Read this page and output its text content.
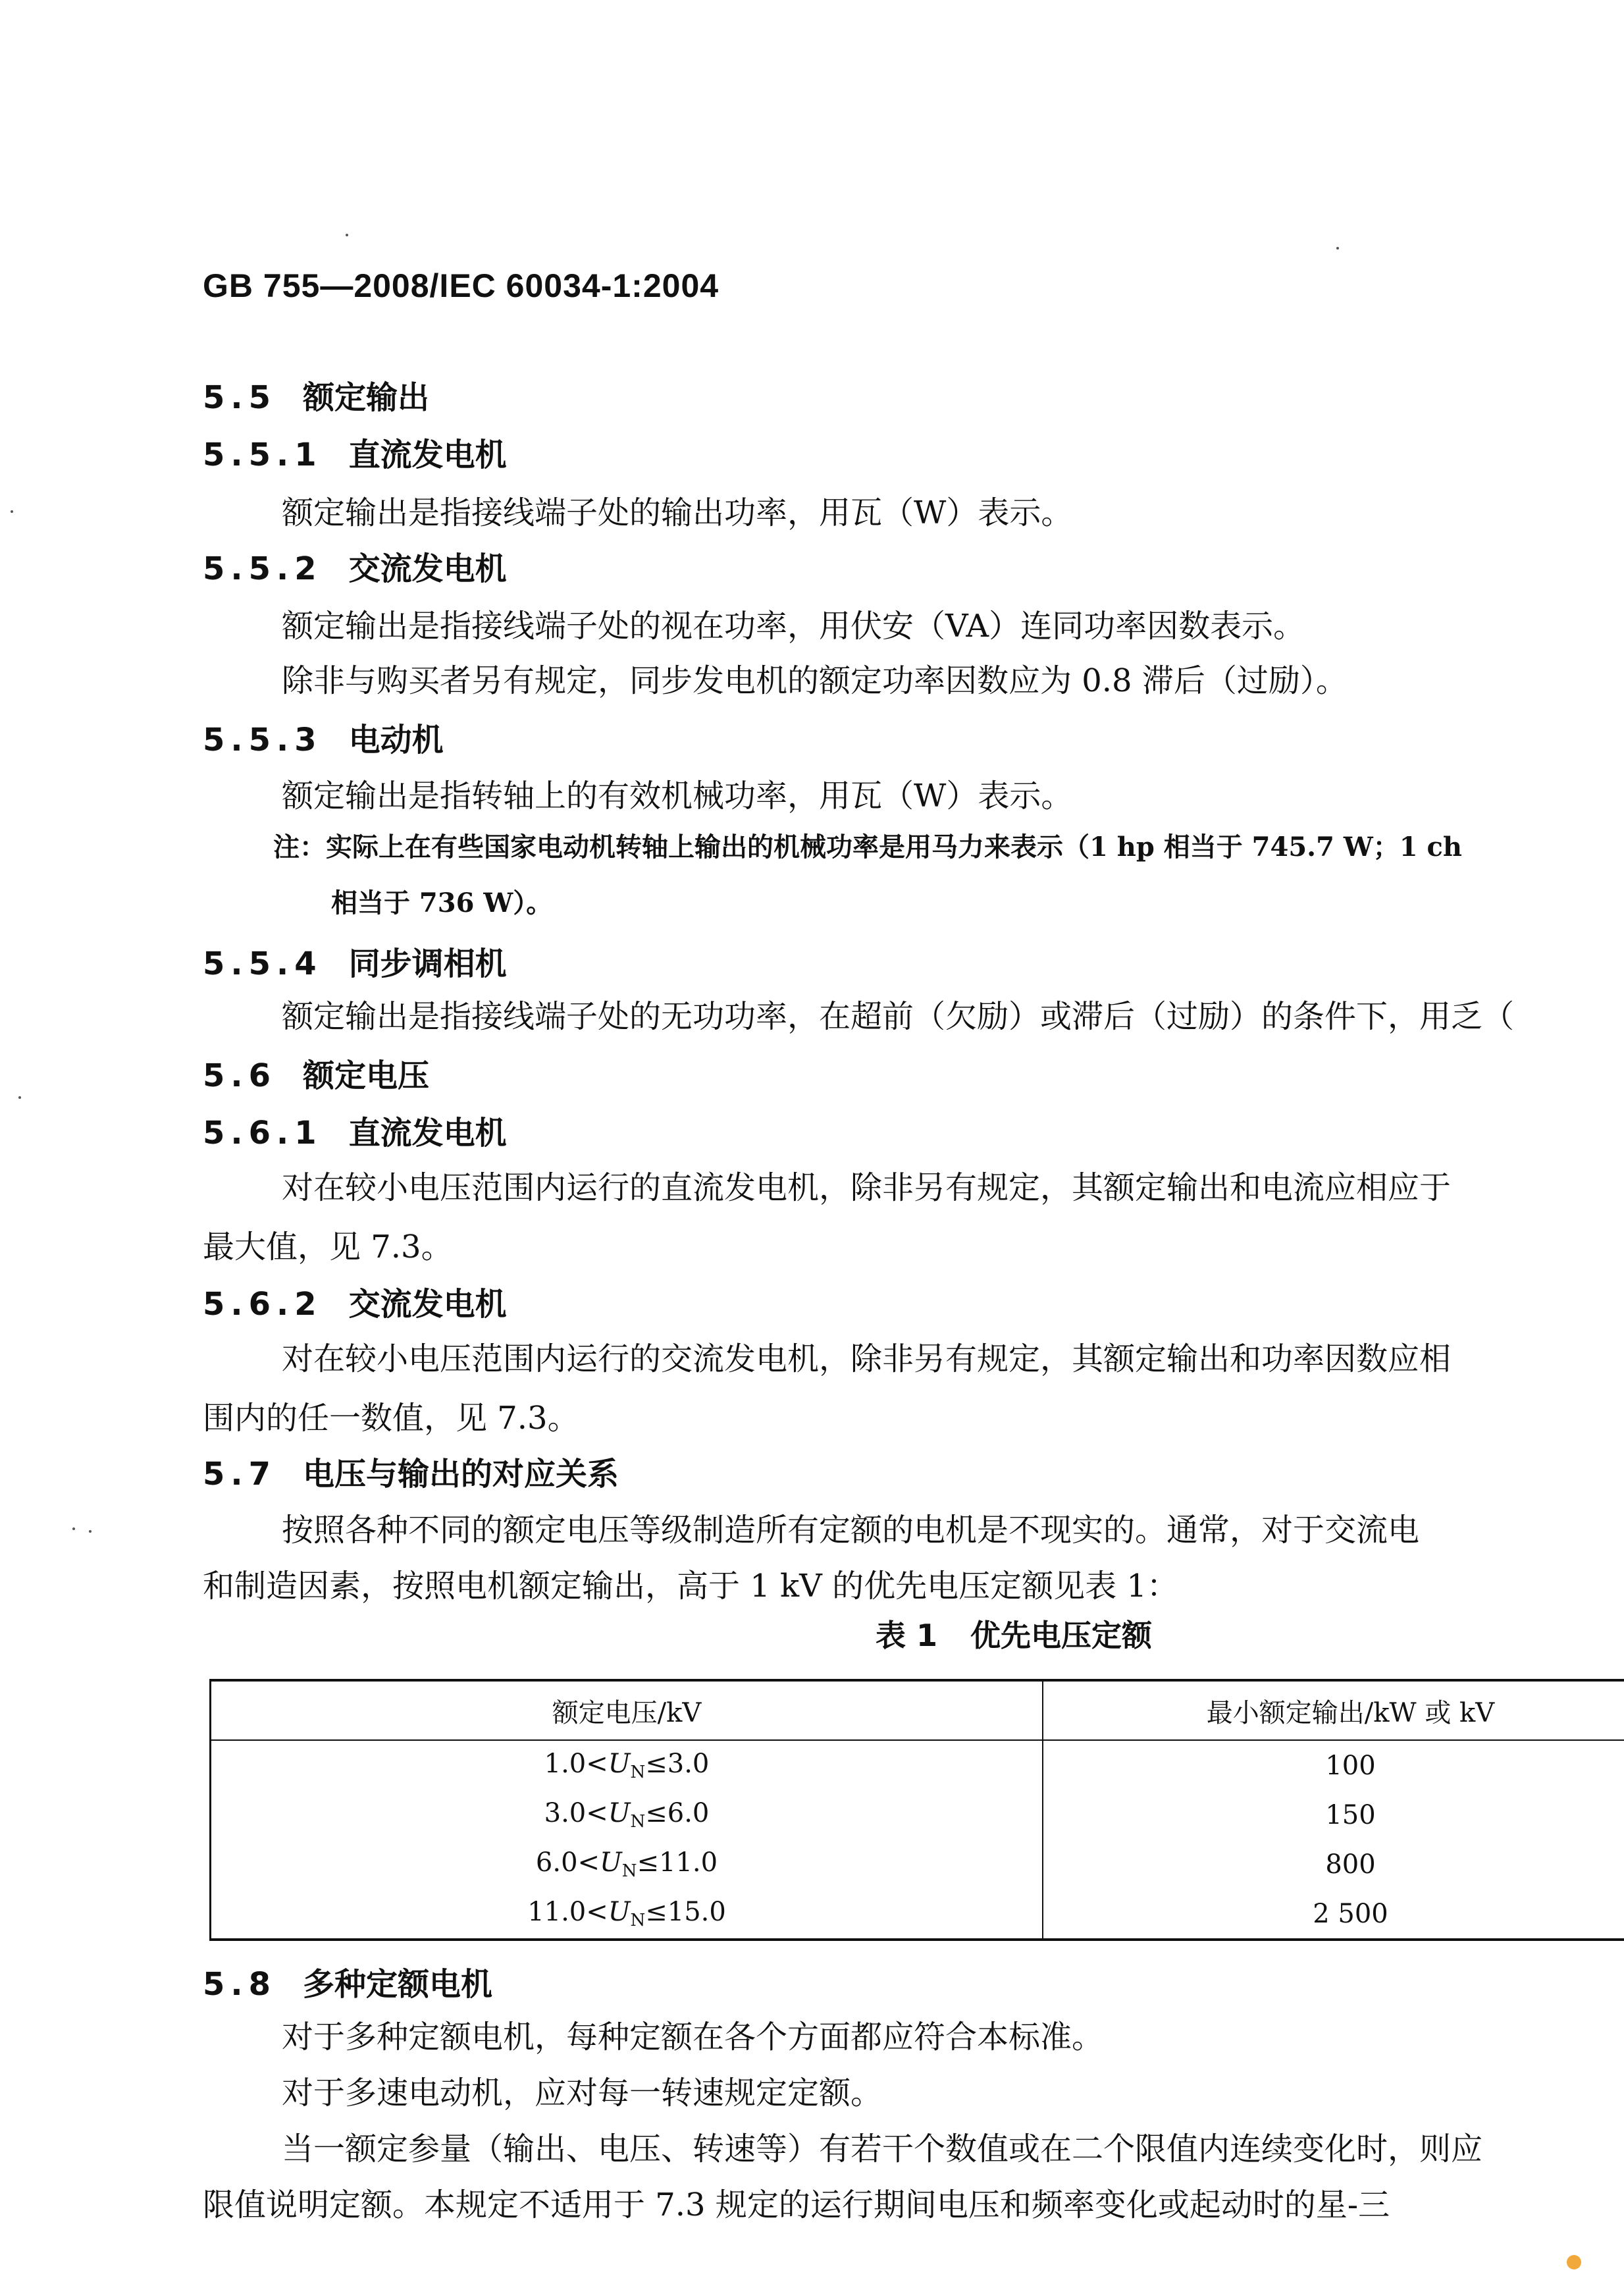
GB 755—2008/IEC 60034-1:2004
5.5 额定输出
5.5.1 直流发电机
额定输出是指接线端子处的输出功率，用瓦（W）表示。
5.5.2 交流发电机
额定输出是指接线端子处的视在功率，用伏安（VA）连同功率因数表示。
除非与购买者另有规定，同步发电机的额定功率因数应为 0.8 滞后（过励）。
5.5.3 电动机
额定输出是指转轴上的有效机械功率，用瓦（W）表示。
注：实际上在有些国家电动机转轴上输出的机械功率是用马力来表示（1 hp 相当于 745.7 W；1 ch
相当于 736 W）。
5.5.4 同步调相机
额定输出是指接线端子处的无功功率，在超前（欠励）或滞后（过励）的条件下，用乏（
5.6 额定电压
5.6.1 直流发电机
对在较小电压范围内运行的直流发电机，除非另有规定，其额定输出和电流应相应于
最大值，见 7.3。
5.6.2 交流发电机
对在较小电压范围内运行的交流发电机，除非另有规定，其额定输出和功率因数应相
围内的任一数值，见 7.3。
5.7 电压与输出的对应关系
按照各种不同的额定电压等级制造所有定额的电机是不现实的。通常，对于交流电
和制造因素，按照电机额定输出，高于 1 kV 的优先电压定额见表 1：
表 1 优先电压定额
额定电压/kV	最小额定输出/kW 或 kV
$1.0<U_N\le 3.0$	100
$3.0<U_N\le 6.0$	150
$6.0<U_N\le 11.0$	800
$11.0<U_N\le 15.0$	2 500
5.8 多种定额电机
对于多种定额电机，每种定额在各个方面都应符合本标准。
对于多速电动机，应对每一转速规定定额。
当一额定参量（输出、电压、转速等）有若干个数值或在二个限值内连续变化时，则应
限值说明定额。本规定不适用于 7.3 规定的运行期间电压和频率变化或起动时的星-三
